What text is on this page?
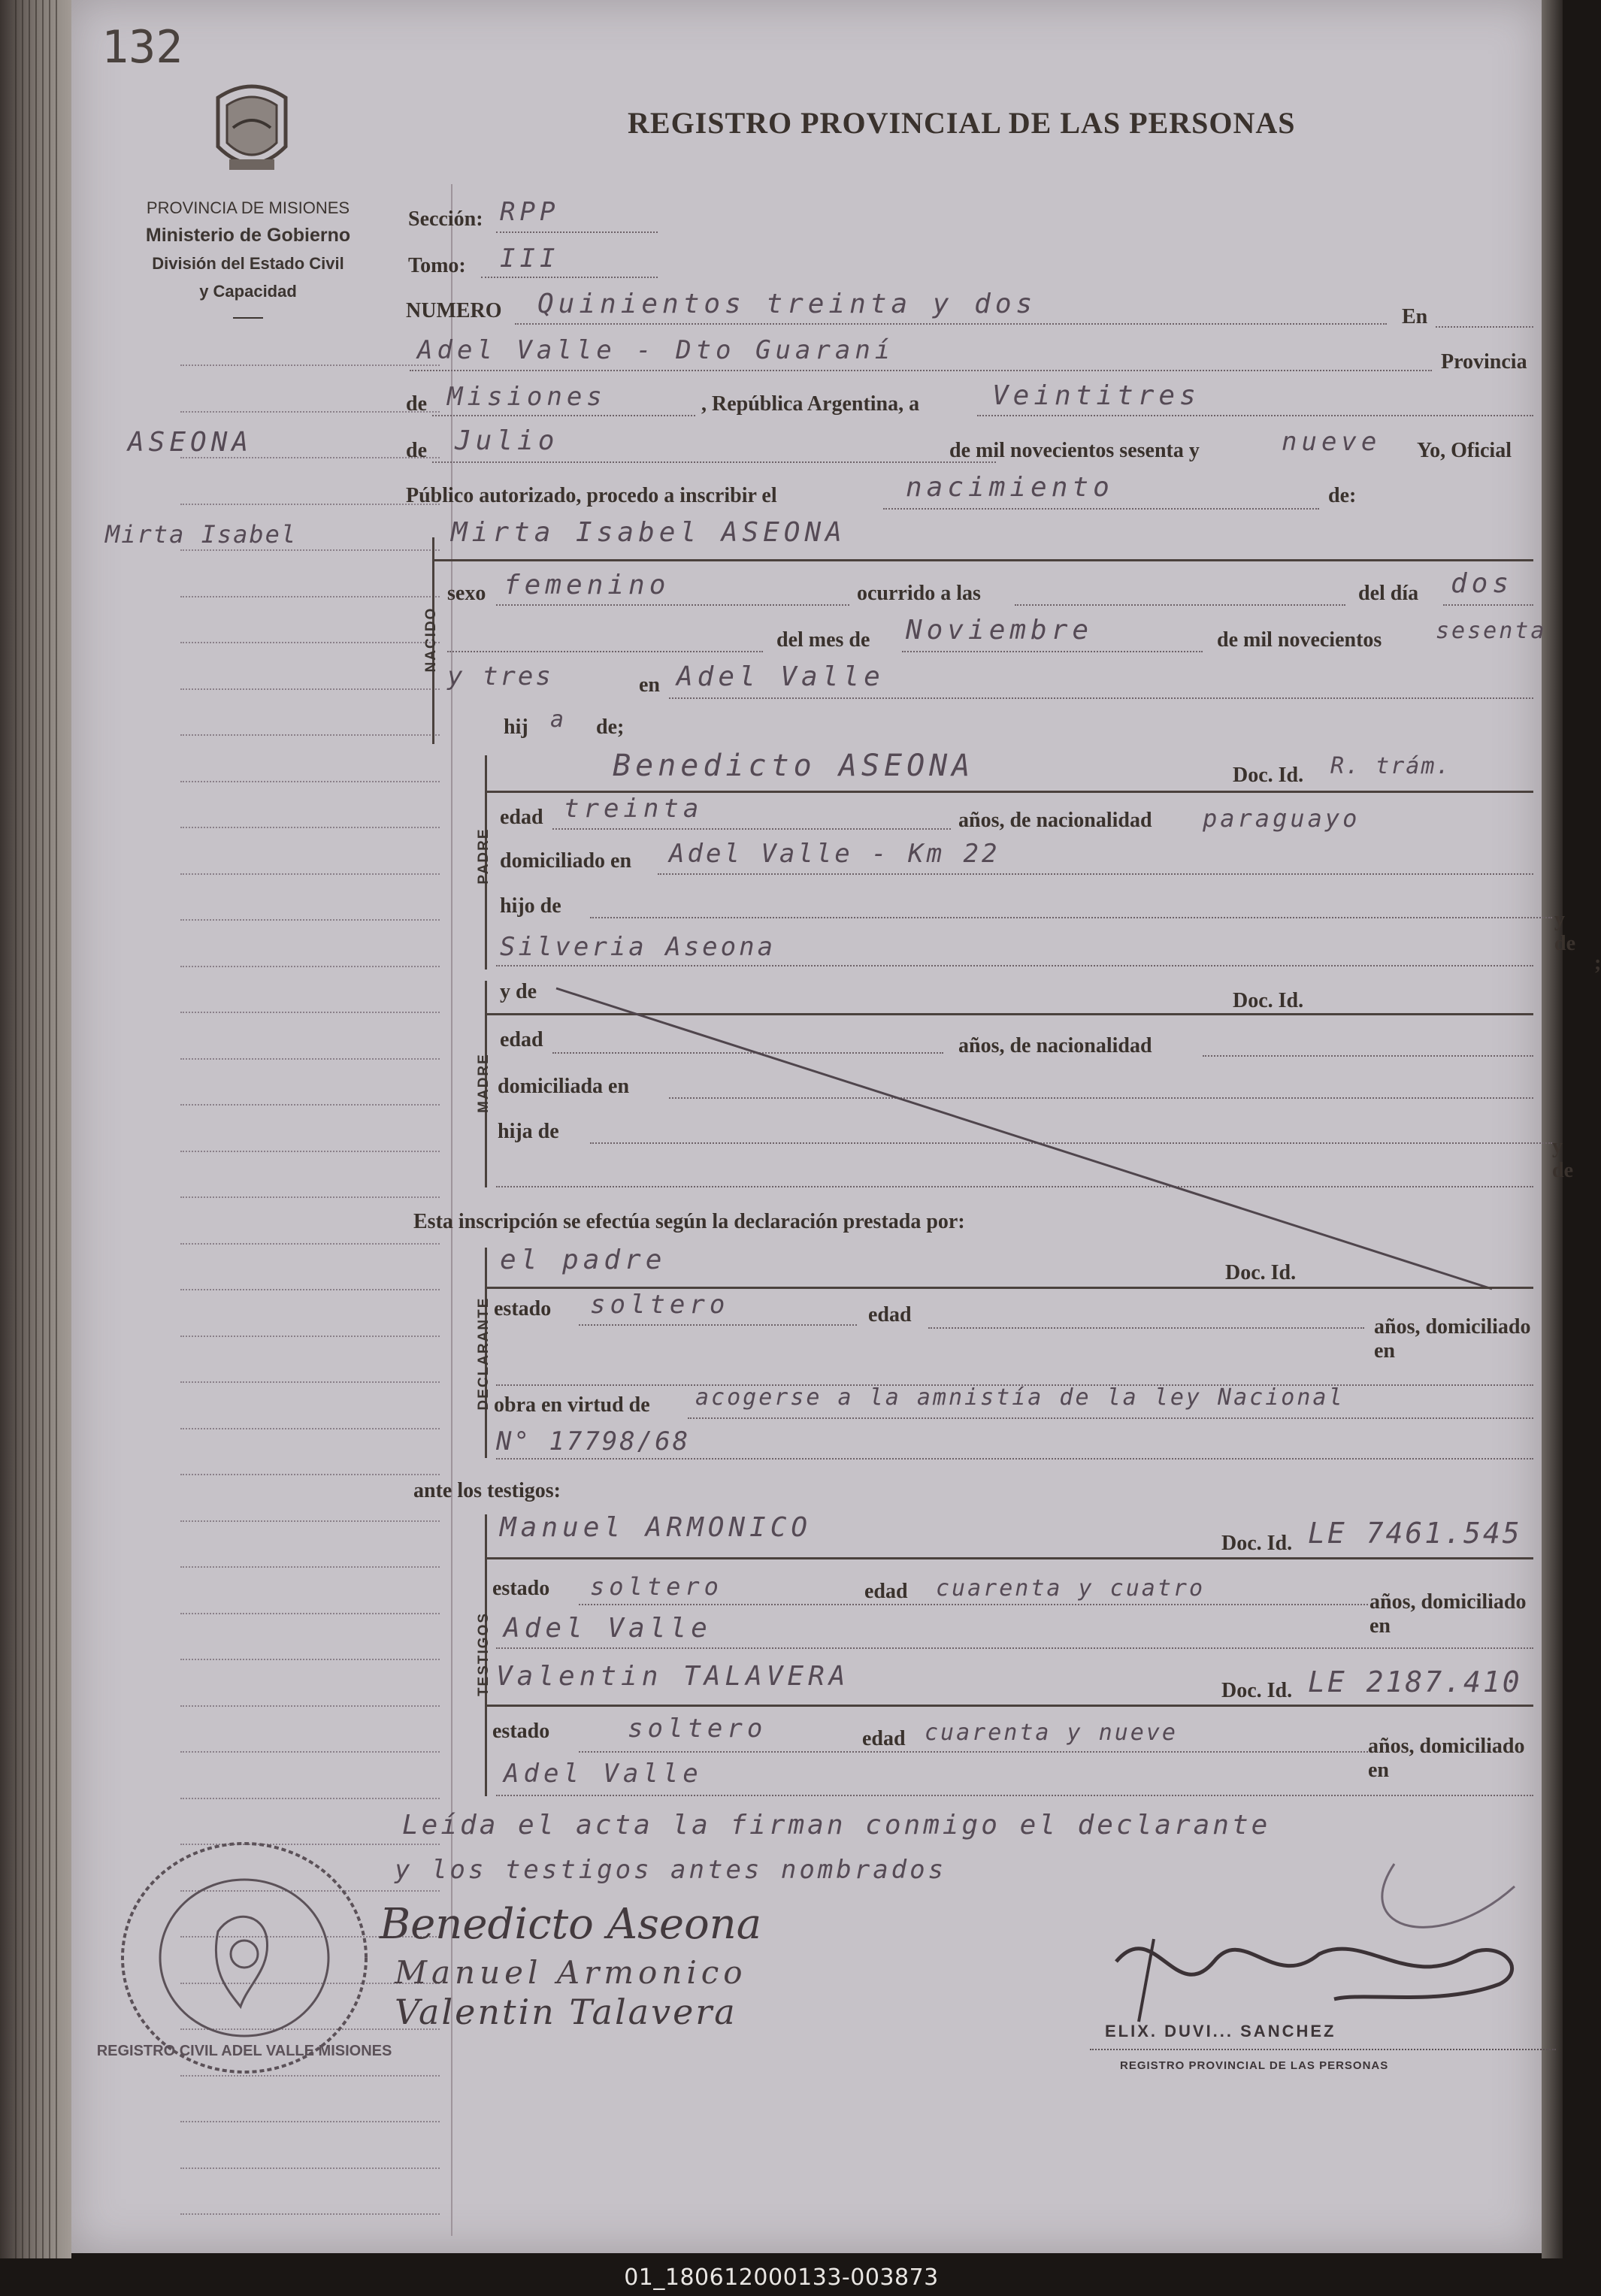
132
REGISTRO PROVINCIAL DE LAS PERSONAS
PROVINCIA DE MISIONES
Ministerio de Gobierno
División del Estado Civil
y Capacidad
ASEONA
Mirta Isabel
Sección: RPP
Tomo: III
NUMERO Quinientos treinta y dos	En
Adel Valle - Dto Guaraní	Provincia
de Misiones	, República Argentina, a	Veintitres
de Julio	de mil novecientos sesenta y	nueve Yo, Oficial
Público autorizado, procedo a inscribir el	nacimiento	de:
NACIDO
Mirta Isabel ASEONA
sexo femenino	ocurrido a las	del día dos
del mes de Noviembre	de mil novecientos sesenta
y tres	en Adel Valle
hij a de;
PADRE
Benedicto ASEONA	Doc. Id. R. trám.
edad treinta	años, de nacionalidad paraguayo
domiciliado en Adel Valle - Km 22
hijo de
y de
Silveria Aseona
;
MADRE
y de	Doc. Id.
edad	años, de nacionalidad
domiciliada en
hija de
y de
Esta inscripción se efectúa según la declaración prestada por:
DECLARANTE
el padre	Doc. Id.
estado soltero	edad
años, domiciliado en
obra en virtud de acogerse a la amnistía de la ley Nacional
N° 17798/68
ante los testigos:
TESTIGOS
Manuel ARMONICO
Doc. Id. LE 7461.545
estado soltero	edad cuarenta y cuatro
años, domiciliado en
Adel Valle
Valentin TALAVERA	Doc. Id. LE 2187.410
estado	soltero	edad cuarenta y nueve
años, domiciliado en
Adel Valle
Leída el acta la firman conmigo el declarante
y los testigos antes nombrados
Benedicto Aseona
Manuel Armonico
Valentin Talavera	ELIX. DUVI... SANCHEZ
REGISTRO PROVINCIAL DE LAS PERSONAS
REGISTRO CIVIL ADEL VALLE MISIONES
01_180612000133-003873
